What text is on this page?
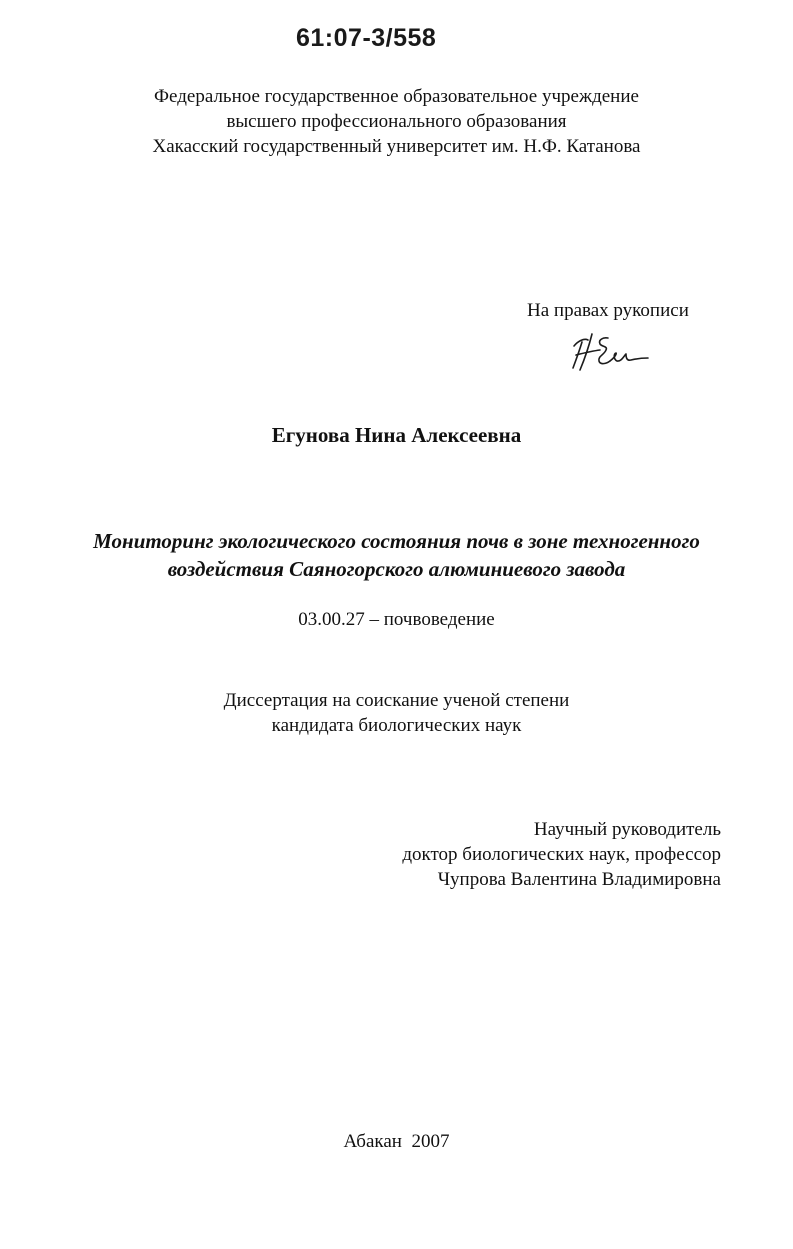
61:07-3/558
Федеральное государственное образовательное учреждение
высшего профессионального образования
Хакасский государственный университет им. Н.Ф. Катанова
На правах рукописи
Егунова Нина Алексеевна
Мониторинг экологического состояния почв в зоне техногенного
воздействия Саяногорского алюминиевого завода
03.00.27 – почвоведение
Диссертация на соискание ученой степени
кандидата биологических наук
Научный руководитель
доктор биологических наук, профессор
Чупрова Валентина Владимировна
Абакан  2007
